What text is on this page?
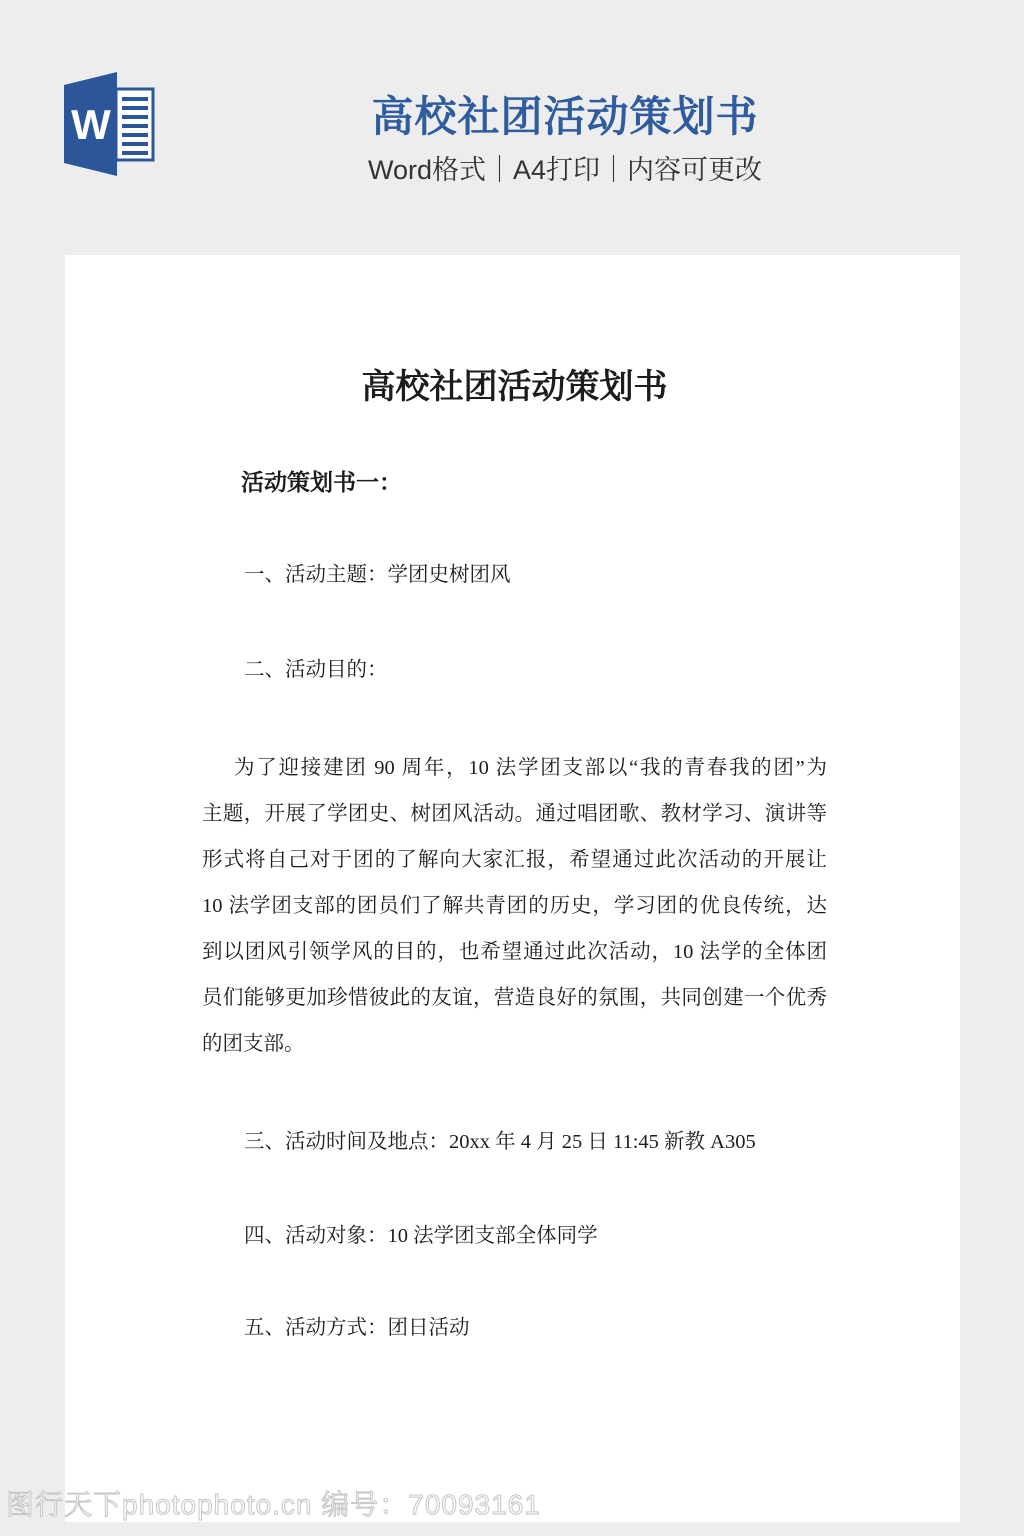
W	高校社团活动策划书
Word格式｜A4打印｜内容可更改
高校社团活动策划书

活动策划书一：

一、活动主题：学团史树团风

二、活动目的：

为了迎接建团 90 周年，10 法学团支部以“我的青春我的团”为

主题，开展了学团史、树团风活动。通过唱团歌、教材学习、演讲等

形式将自己对于团的了解向大家汇报，希望通过此次活动的开展让

10 法学团支部的团员们了解共青团的历史，学习团的优良传统，达

到以团风引领学风的目的，也希望通过此次活动，10 法学的全体团

员们能够更加珍惜彼此的友谊，营造良好的氛围，共同创建一个优秀

的团支部。

三、活动时间及地点：20xx 年 4 月 25 日 11:45 新教 A305

四、活动对象：10 法学团支部全体同学

五、活动方式：团日活动

图行天下photophoto.cn 编号：70093161
